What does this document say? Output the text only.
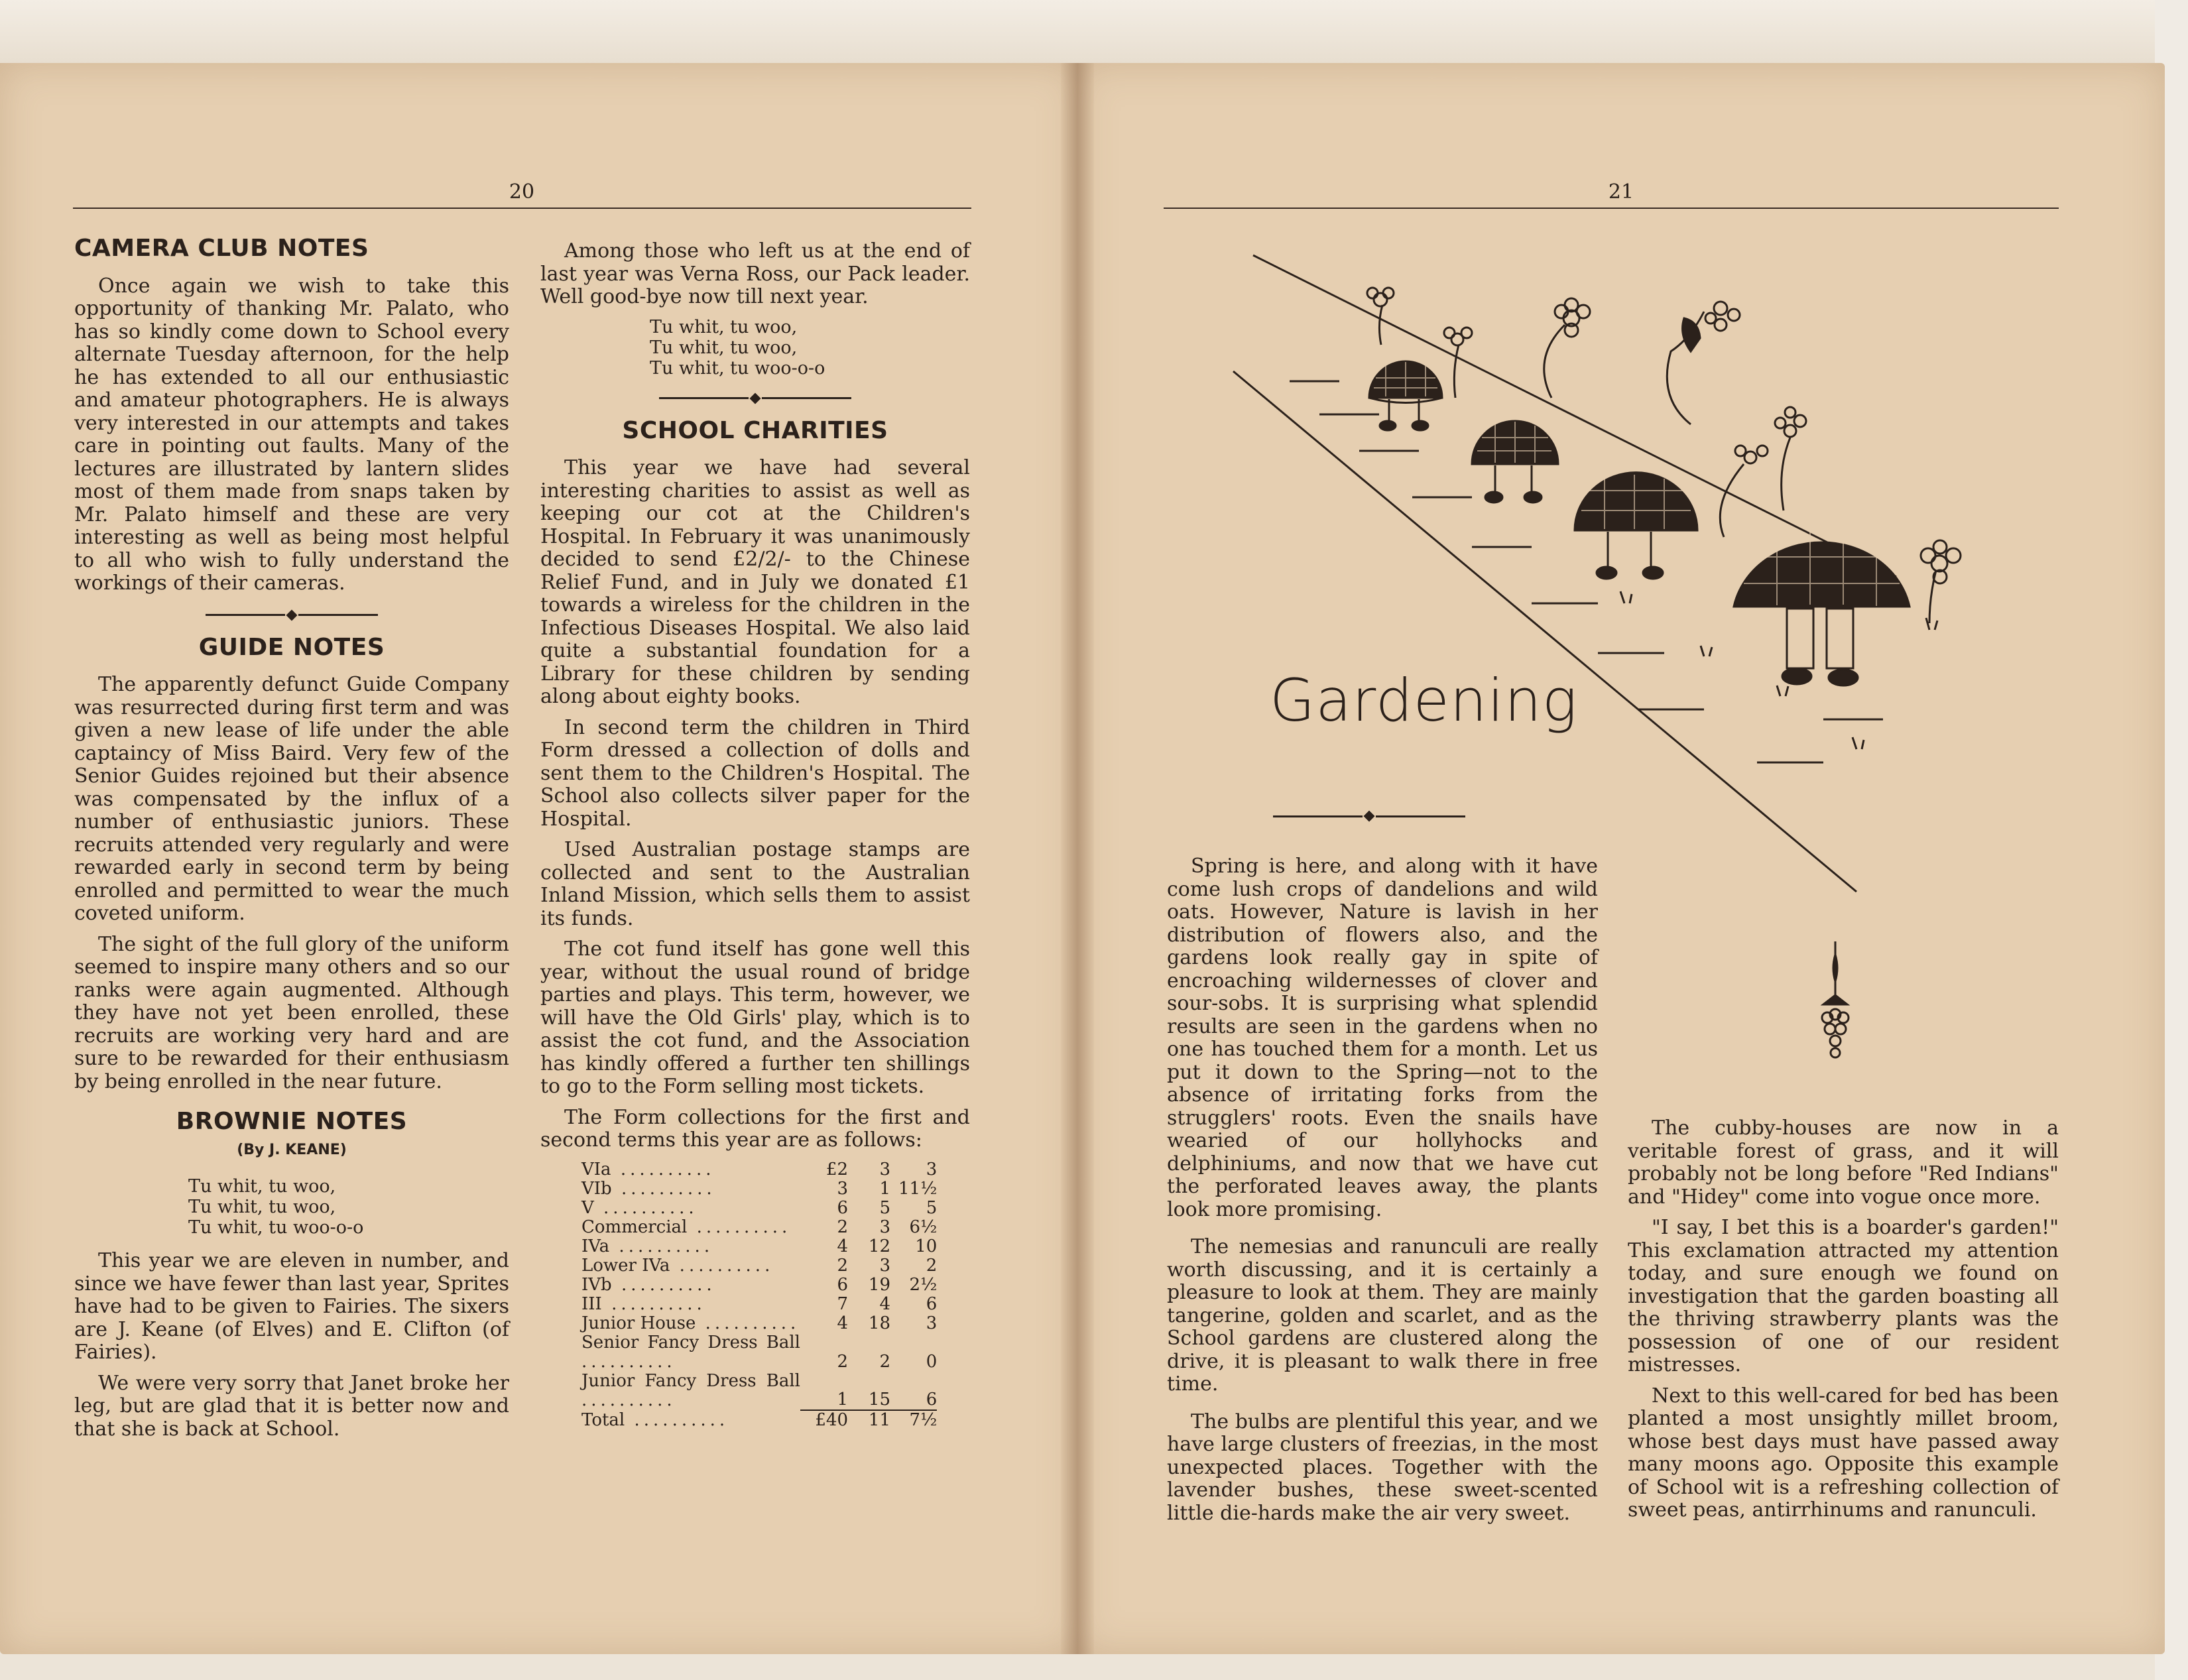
20	21
CAMERA CLUB NOTES

Once again we wish to take this opportunity of thanking Mr. Palato, who has so kindly come down to School every alternate Tuesday afternoon, for the help he has extended to all our enthusiastic and amateur photographers. He is always very interested in our attempts and takes care in pointing out faults. Many of the lectures are illustrated by lantern slides most of them made from snaps taken by Mr. Palato himself and these are very interesting as well as being most helpful to all who wish to fully understand the workings of their cameras.

GUIDE NOTES

The apparently defunct Guide Company was resurrected during first term and was given a new lease of life under the able captaincy of Miss Baird. Very few of the Senior Guides rejoined but their absence was compensated by the influx of a number of enthusiastic juniors. These recruits attended very regularly and were rewarded early in second term by being enrolled and permitted to wear the much coveted uniform.

The sight of the full glory of the uniform seemed to inspire many others and so our ranks were again augmented. Although they have not yet been enrolled, these recruits are working very hard and are sure to be rewarded for their enthusiasm by being enrolled in the near future.

BROWNIE NOTES
(By J. KEANE)
Tu whit, tu woo,
Tu whit, tu woo,
Tu whit, tu woo-o-o

This year we are eleven in number, and since we have fewer than last year, Sprites have had to be given to Fairies. The sixers are J. Keane (of Elves) and E. Clifton (of Fairies).

We were very sorry that Janet broke her leg, but are glad that it is better now and that she is back at School.

Among those who left us at the end of last year was Verna Ross, our Pack leader. Well good-bye now till next year.

Tu whit, tu woo,
Tu whit, tu woo,
Tu whit, tu woo-o-o
SCHOOL CHARITIES

This year we have had several interesting charities to assist as well as keeping our cot at the Children's Hospital. In February it was unanimously decided to send £2/2/- to the Chinese Relief Fund, and in July we donated £1 towards a wireless for the children in the Infectious Diseases Hospital. We also laid quite a substantial foundation for a Library for these children by sending along about eighty books.

In second term the children in Third Form dressed a collection of dolls and sent them to the Children's Hospital. The School also collects silver paper for the Hospital.

Used Australian postage stamps are collected and sent to the Australian Inland Mission, which sells them to assist its funds.

The cot fund itself has gone well this year, without the usual round of bridge parties and plays. This term, however, we will have the Old Girls' play, which is to assist the cot fund, and the Association has kindly offered a further ten shillings to go to the Form selling most tickets.

The Form collections for the first and second terms this year are as follows:

VIa ..........	£2	3	3
VIb ..........	3	1	11½
V ..........	6	5	5
Commercial ..........	2	3	6½
IVa ..........	4	12	10
Lower IVa ..........	2	3	2
IVb ..........	6	19	2½
III ..........	7	4	6
Junior House ..........	4	18	3
Senior Fancy Dress Ball ..........	2	2	0
Junior Fancy Dress Ball ..........	1	15	6
Total ..........	£40	11	7½
Gardening

Spring is here, and along with it have come lush crops of dandelions and wild oats. However, Nature is lavish in her distribution of flowers also, and the gardens look really gay in spite of encroaching wildernesses of clover and sour-sobs. It is surprising what splendid results are seen in the gardens when no one has touched them for a month. Let us put it down to the Spring—not to the absence of irritating forks from the strugglers' roots. Even the snails have wearied of our hollyhocks and delphiniums, and now that we have cut the perforated leaves away, the plants look more promising.

The nemesias and ranunculi are really worth discussing, and it is certainly a pleasure to look at them. They are mainly tangerine, golden and scarlet, and as the School gardens are clustered along the drive, it is pleasant to walk there in free time.

The bulbs are plentiful this year, and we have large clusters of freezias, in the most unexpected places. Together with the lavender bushes, these sweet-scented little die-hards make the air very sweet.

The cubby-houses are now in a veritable forest of grass, and it will probably not be long before "Red Indians" and "Hidey" come into vogue once more.

"I say, I bet this is a boarder's garden!" This exclamation attracted my attention today, and sure enough we found on investigation that the garden boasting all the thriving strawberry plants was the possession of one of our resident mistresses.

Next to this well-cared for bed has been planted a most unsightly millet broom, whose best days must have passed away many moons ago. Opposite this example of School wit is a refreshing collection of sweet peas, antirrhinums and ranunculi.
